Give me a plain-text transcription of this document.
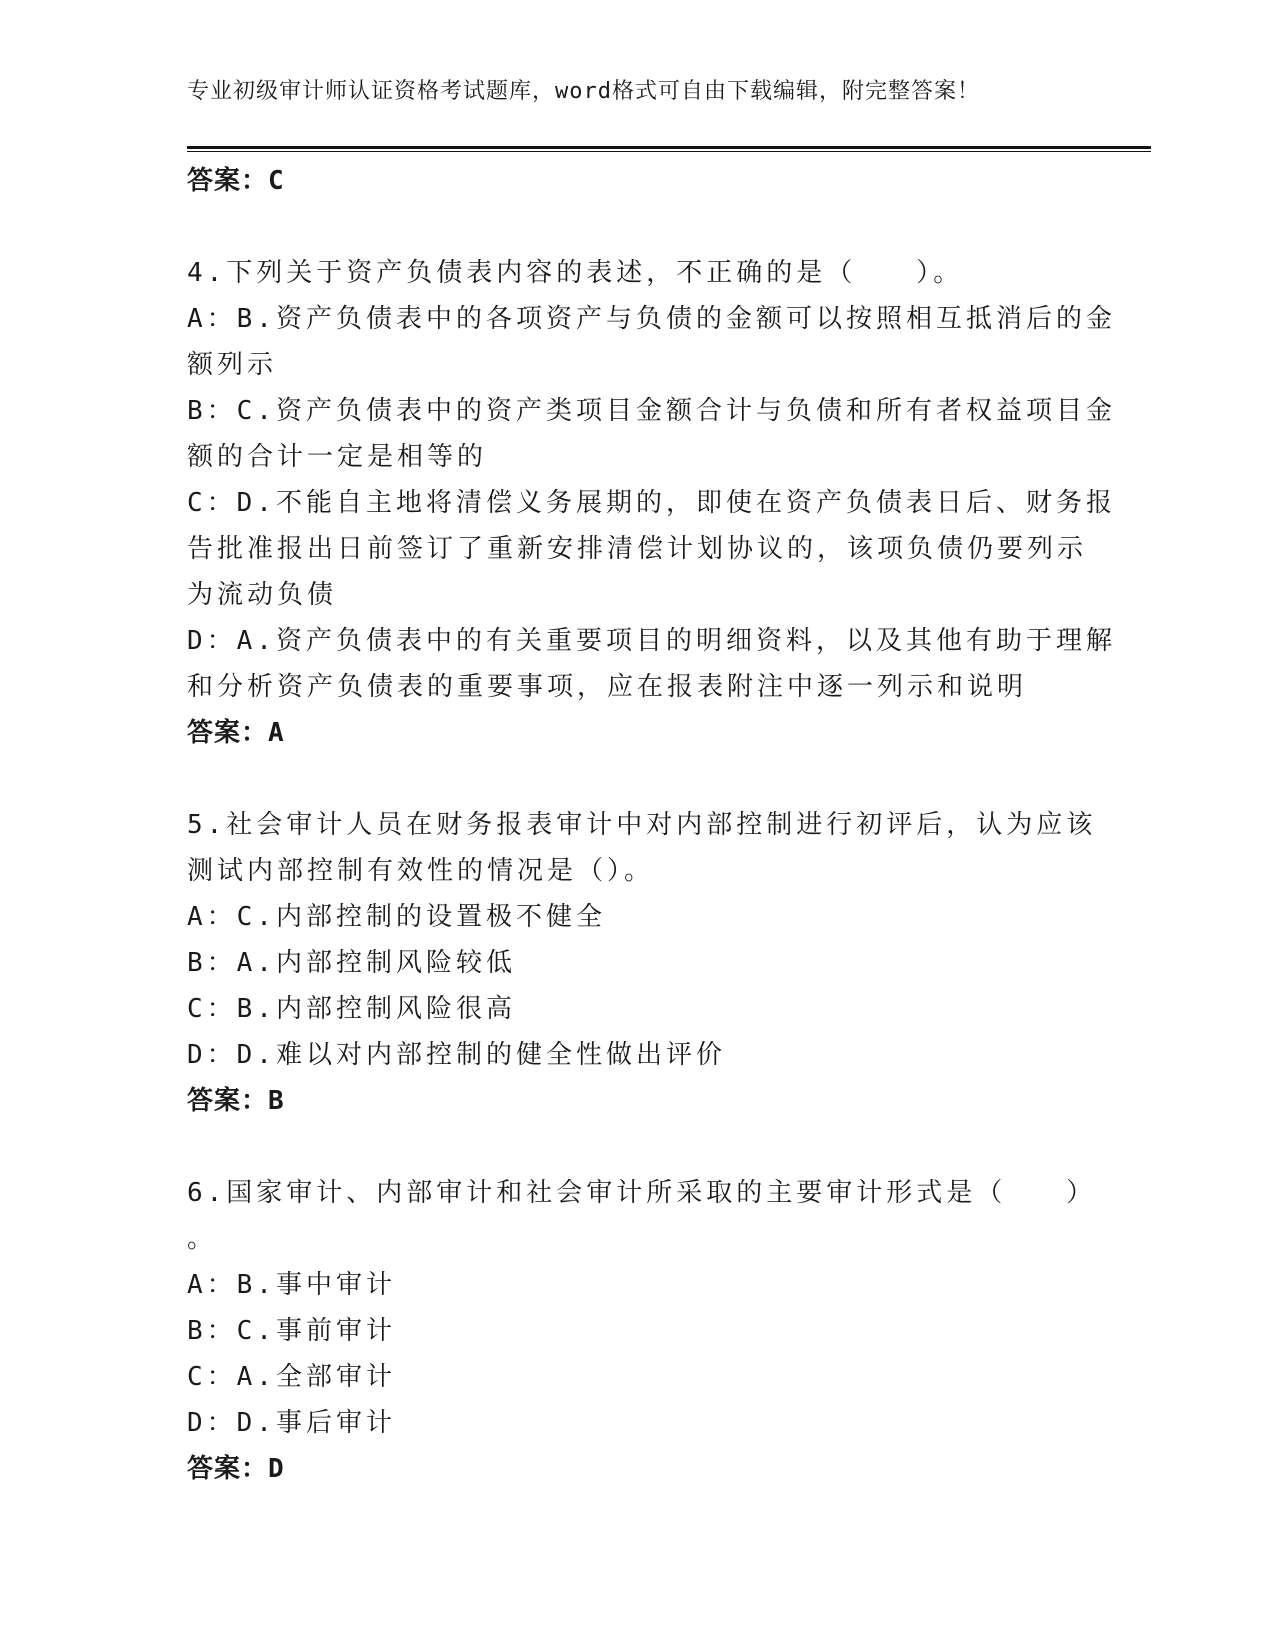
专业初级审计师认证资格考试题库，word格式可自由下载编辑，附完整答案！
答案：C
4.下列关于资产负债表内容的表述，不正确的是（　　）。
A：B.资产负债表中的各项资产与负债的金额可以按照相互抵消后的金
额列示
B：C.资产负债表中的资产类项目金额合计与负债和所有者权益项目金
额的合计一定是相等的
C：D.不能自主地将清偿义务展期的，即使在资产负债表日后、财务报
告批准报出日前签订了重新安排清偿计划协议的，该项负债仍要列示
为流动负债
D：A.资产负债表中的有关重要项目的明细资料，以及其他有助于理解
和分析资产负债表的重要事项，应在报表附注中逐一列示和说明
答案：A
5.社会审计人员在财务报表审计中对内部控制进行初评后，认为应该
测试内部控制有效性的情况是（）。
A：C.内部控制的设置极不健全
B：A.内部控制风险较低
C：B.内部控制风险很高
D：D.难以对内部控制的健全性做出评价
答案：B
6.国家审计、内部审计和社会审计所采取的主要审计形式是（　　）
。
A：B.事中审计
B：C.事前审计
C：A.全部审计
D：D.事后审计
答案：D
